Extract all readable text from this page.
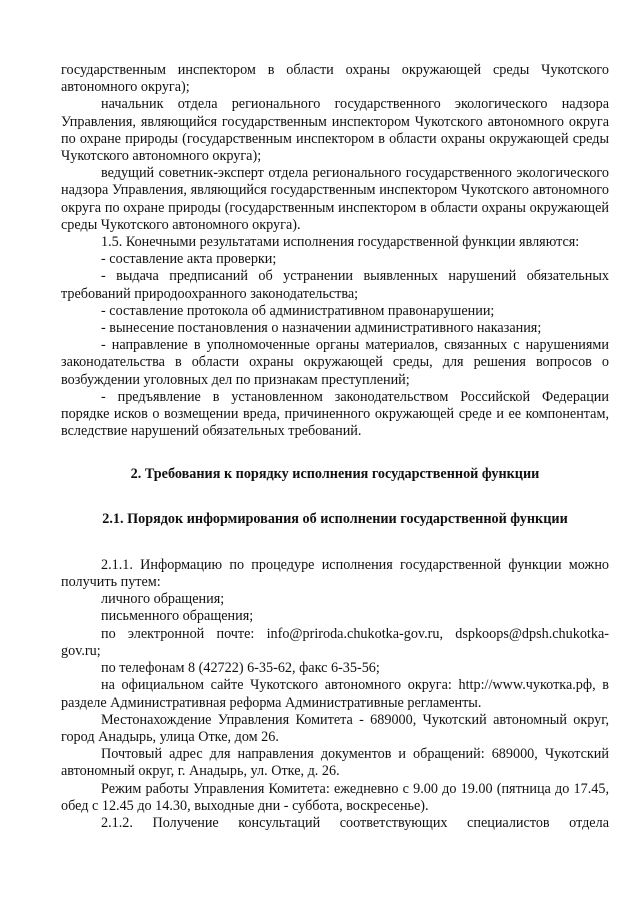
государственным инспектором в области охраны окружающей среды Чукотского автономного округа);

начальник отдела регионального государственного экологического надзора Управления, являющийся государственным инспектором Чукотского автономного округа по охране природы (государственным инспектором в области охраны окружающей среды Чукотского автономного округа);

ведущий советник-эксперт отдела регионального государственного экологического надзора Управления, являющийся государственным инспектором Чукотского автономного округа по охране природы (государственным инспектором в области охраны окружающей среды Чукотского автономного округа).

1.5. Конечными результатами исполнения государственной функции являются:

- составление акта проверки;

- выдача предписаний об устранении выявленных нарушений обязательных требований природоохранного законодательства;

- составление протокола об административном правонарушении;

- вынесение постановления о назначении административного наказания;

- направление в уполномоченные органы материалов, связанных с нарушениями законодательства в области охраны окружающей среды, для решения вопросов о возбуждении уголовных дел по признакам преступлений;

- предъявление в установленном законодательством Российской Федерации порядке исков о возмещении вреда, причиненного окружающей среде и ее компонентам, вследствие нарушений обязательных требований.

2. Требования к порядку исполнения государственной функции

2.1. Порядок информирования об исполнении государственной функции

2.1.1. Информацию по процедуре исполнения государственной функции можно получить путем:

личного обращения;

письменного обращения;

по электронной почте: info@priroda.chukotka-gov.ru, dspkoops@dpsh.chukotka-gov.ru;

по телефонам 8 (42722) 6-35-62, факс 6-35-56;

на официальном сайте Чукотского автономного округа: http://www.чукотка.рф, в разделе Административная реформа Административные регламенты.

Местонахождение Управления Комитета - 689000, Чукотский автономный округ, город Анадырь, улица Отке, дом 26.

Почтовый адрес для направления документов и обращений: 689000, Чукотский автономный округ, г. Анадырь, ул. Отке, д. 26.

Режим работы Управления Комитета: ежедневно с 9.00 до 19.00 (пятница до 17.45, обед с 12.45 до 14.30, выходные дни - суббота, воскресенье).

2.1.2. Получение консультаций соответствующих специалистов отдела
